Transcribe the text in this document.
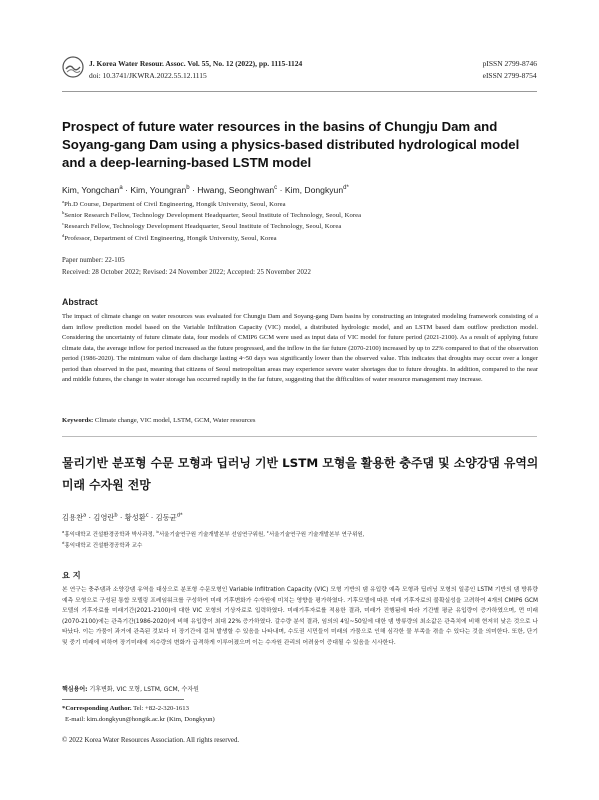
J. Korea Water Resour. Assoc. Vol. 55, No. 12 (2022), pp. 1115-1124
doi: 10.3741/JKWRA.2022.55.12.1115
pISSN 2799-8746
eISSN 2799-8754
Prospect of future water resources in the basins of Chungju Dam and Soyang-gang Dam using a physics-based distributed hydrological model and a deep-learning-based LSTM model
Kim, Yongchan$^a$ · Kim, Youngran$^b$ · Hwang, Seonghwan$^c$ · Kim, Dongkyun$^{d*}$
$^a$Ph.D Course, Department of Civil Engineering, Hongik University, Seoul, Korea
$^b$Senior Research Fellow, Technology Development Headquarter, Seoul Institute of Technology, Seoul, Korea
$^c$Research Fellow, Technology Development Headquarter, Seoul Institute of Technology, Seoul, Korea
$^d$Professor, Department of Civil Engineering, Hongik University, Seoul, Korea
Paper number: 22-105
Received: 28 October 2022; Revised: 24 November 2022; Accepted: 25 November 2022
Abstract
The impact of climate change on water resources was evaluated for Chungju Dam and Soyang-gang Dam basins by constructing an integrated modeling framework consisting of a dam inflow prediction model based on the Variable Infiltration Capacity (VIC) model, a distributed hydrologic model, and an LSTM based dam outflow prediction model. Considering the uncertainty of future climate data, four models of CMIP6 GCM were used as input data of VIC model for future period (2021-2100). As a result of applying future climate data, the average inflow for period increased as the future progressed, and the inflow in the far future (2070-2100) increased by up to 22% compared to that of the observation period (1986-2020). The minimum value of dam discharge lasting 4~50 days was significantly lower than the observed value. This indicates that droughts may occur over a longer period than observed in the past, meaning that citizens of Seoul metropolitan areas may experience severe water shortages due to future droughts. In addition, compared to the near and middle futures, the change in water storage has occurred rapidly in the far future, suggesting that the difficulties of water resource management may increase.
Keywords: Climate change, VIC model, LSTM, GCM, Water resources
물리기반 분포형 수문 모형과 딥러닝 기반 LSTM 모형을 활용한 충주댐 및 소양강댐 유역의 미래 수자원 전망
김용찬$^a$ · 김영란$^b$ · 황성환$^c$ · 김동균$^{d*}$
$^a$홍익대학교 건설환경공학과 박사과정, $^b$서울기술연구원 기술개발본부 선임연구위원, $^c$서울기술연구원 기술개발본부 연구위원,
$^d$홍익대학교 건설환경공학과 교수
요 지
본 연구는 충주댐과 소양강댐 유역을 대상으로 분포형 수문모형인 Variable Infiltration Capacity (VIC) 모형 기반의 댐 유입량 예측 모형과 딥러닝 모형의 일종인 LSTM 기반의 댐 방류량 예측 모형으로 구성된 통합 모델링 프레임워크를 구성하여 미래 기후변화가 수자원에 미치는 영향을 평가하였다. 기후모델에 따른 미래 기후자료의 불확실성을 고려하여 4개의 CMIP6 GCM 모델의 기후자료를 미래기간(2021-2100)에 대한 VIC 모형의 기상자료로 입력하였다. 미래기후자료를 적용한 결과, 미래가 진행됨에 따라 기간별 평균 유입량이 증가하였으며, 먼 미래(2070-2100)에는 관측기간(1986-2020)에 비해 유입량이 최대 22% 증가하였다. 갈수량 분석 결과, 임의의 4일~50일에 대한 댐 방류량의 최소값은 관측치에 비해 현저히 낮은 것으로 나타났다. 이는 가뭄이 과거에 관측된 것보다 더 장기간에 걸쳐 발생할 수 있음을 나타내며, 수도권 시민들이 미래의 가뭄으로 인해 심각한 물 부족을 겪을 수 있다는 것을 의미한다. 또한, 단기 및 중기 미래에 비하여 장기미래에 저수량의 변화가 급격하게 이루어졌으며 이는 수자원 관리의 어려움이 증대될 수 있음을 시사한다.
핵심용어: 기후변화, VIC 모형, LSTM, GCM, 수자원
*Corresponding Author. Tel: +82-2-320-1613
E-mail: kim.dongkyun@hongik.ac.kr (Kim, Dongkyun)
© 2022 Korea Water Resources Association. All rights reserved.
